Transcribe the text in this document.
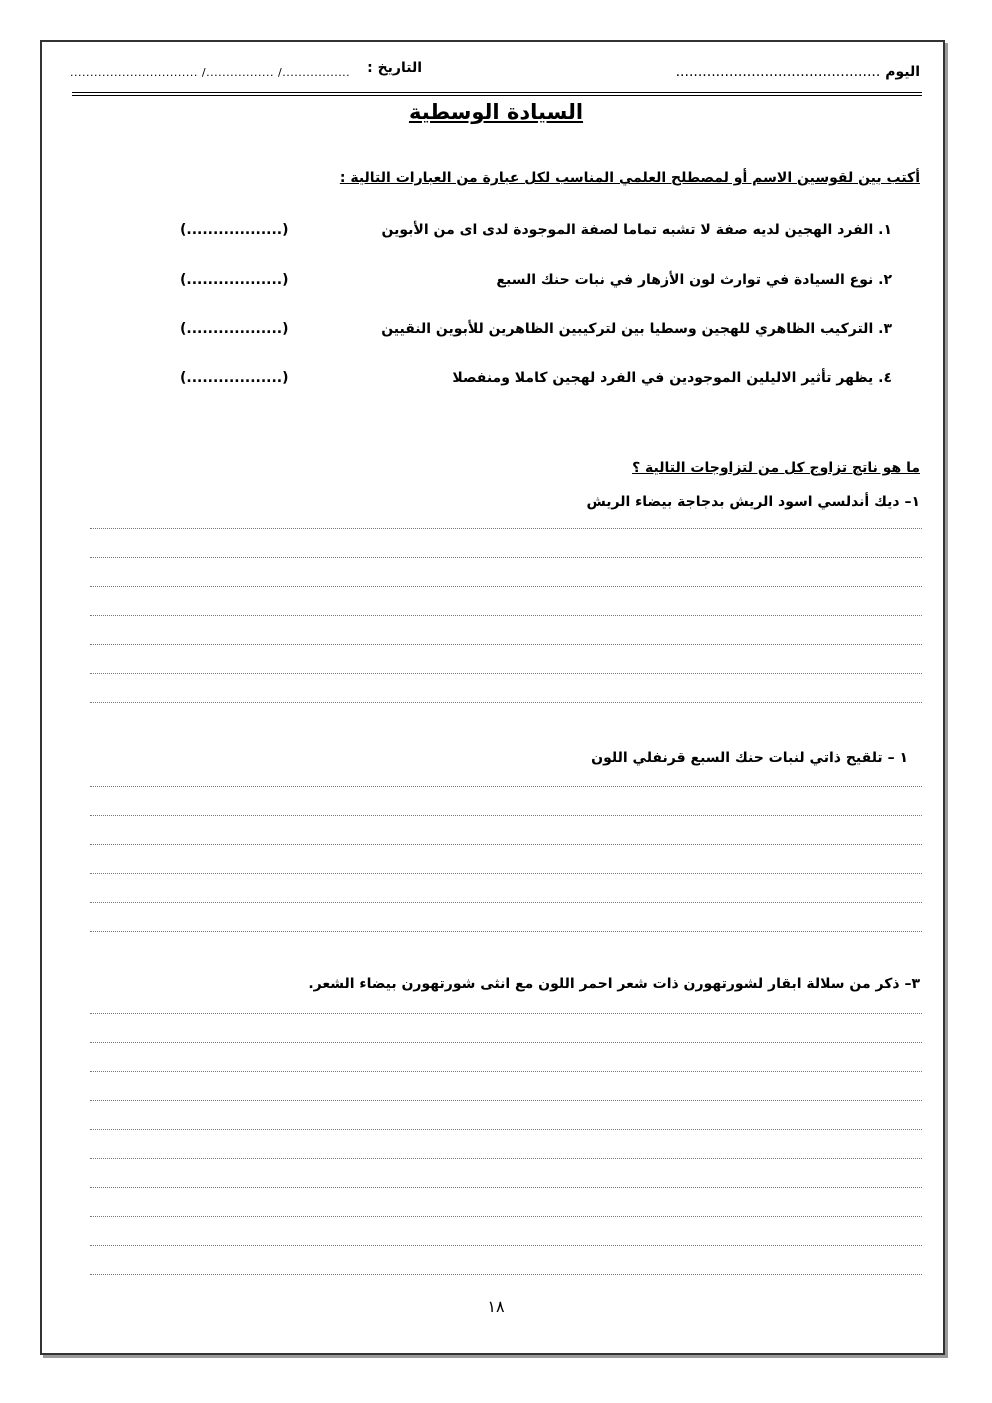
اليوم ..............................................
التاريخ :
................................ /................. /.................
السيادة الوسطية
أكتب بين لقوسين الاسم أو لمصطلح العلمي المناسب لكل عبارة من العبارات التالية :
١. الفرد الهجين لديه صفة لا تشبه تماما لصفة الموجودة لدى اى من الأبوين
(..................)
٢. نوع السيادة في توارث لون الأزهار في نبات حنك السبع
(..................)
٣. التركيب الظاهري للهجين وسطيا بين لتركيبين الظاهرين للأبوين النقيين
(..................)
٤. يظهر تأثير الاليلين الموجودين في الفرد لهجين كاملا ومنفصلا
(..................)
ما هو ناتج تزاوج كل من لتزاوجات التالية ؟
١– ديك أندلسي اسود الريش بدجاجة بيضاء الريش
١ – تلقيح ذاتي لنبات حنك السبع قرنفلي اللون
٣– ذكر من سلالة ابقار لشورتهورن ذات شعر احمر اللون مع انثى شورتهورن بيضاء الشعر.
١٨
